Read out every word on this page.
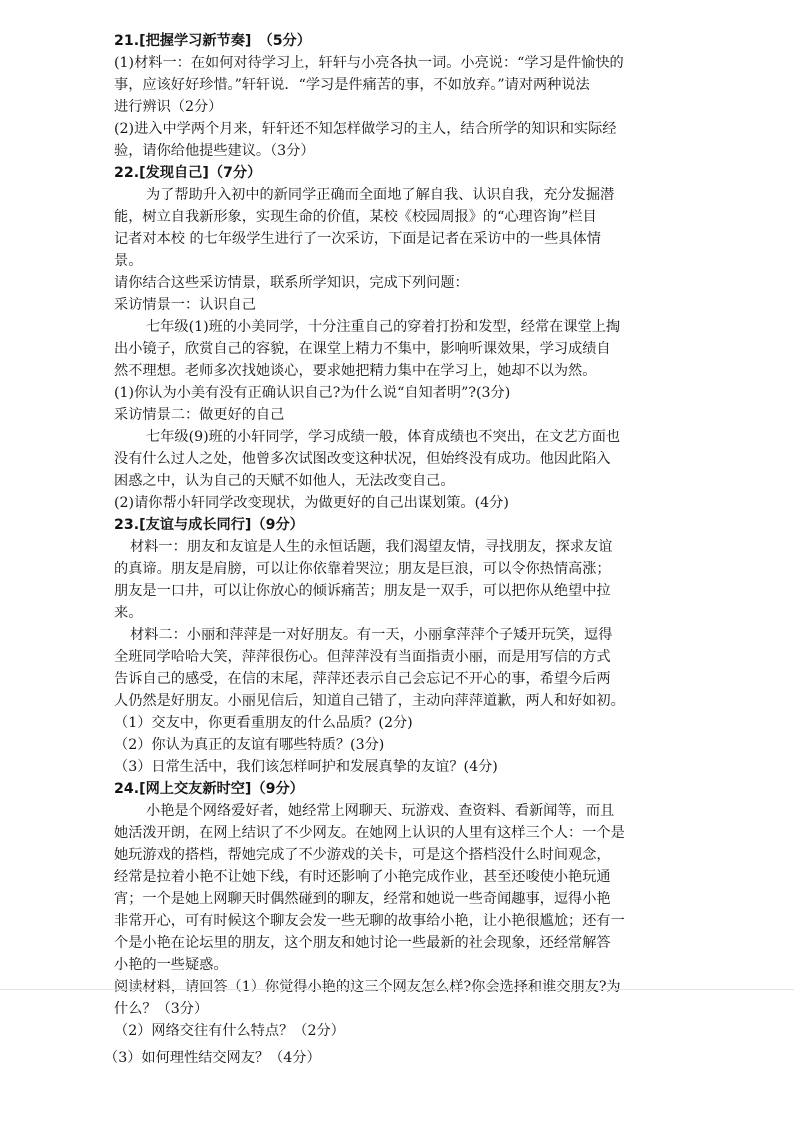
21.[把握学习新节奏]　（5分）
(1)材料一：在如何对待学习上，轩轩与小亮各执一词。小亮说：“学习是件愉快的
事，应该好好珍惜。”轩轩说．“学习是件痛苦的事，不如放弃。”请对两种说法
进行辨识（2分）
(2)进入中学两个月来，轩轩还不知怎样做学习的主人，结合所学的知识和实际经
验，请你给他提些建议。（3分）
22.[发现自己]（7分）
为了帮助升入初中的新同学正确而全面地了解自我、认识自我，充分发掘潜
能，树立自我新形象，实现生命的价值，某校《校园周报》的“心理咨询”栏目
记者对本校 的七年级学生进行了一次采访，下面是记者在采访中的一些具体情
景。
请你结合这些采访情景，联系所学知识，完成下列问题：
采访情景一：认识自己
七年级(1)班的小美同学，十分注重自己的穿着打扮和发型，经常在课堂上掏
出小镜子，欣赏自己的容貌，在课堂上精力不集中，影响听课效果，学习成绩自
然不理想。老师多次找她谈心，要求她把精力集中在学习上，她却不以为然。
(1)你认为小美有没有正确认识自己?为什么说“自知者明”?(3分)
采访情景二：做更好的自己
七年级(9)班的小轩同学，学习成绩一般，体育成绩也不突出，在文艺方面也
没有什么过人之处，他曾多次试图改变这种状况，但始终没有成功。他因此陷入
困惑之中，认为自己的天赋不如他人，无法改变自己。
(2)请你帮小轩同学改变现状，为做更好的自己出谋划策。(4分)
23.[友谊与成长同行]（9分）
材料一：朋友和友谊是人生的永恒话题，我们渴望友情，寻找朋友，探求友谊
的真谛。朋友是肩膀，可以让你依靠着哭泣；朋友是巨浪，可以令你热情高涨；
朋友是一口井，可以让你放心的倾诉痛苦；朋友是一双手，可以把你从绝望中拉
来。
材料二：小丽和萍萍是一对好朋友。有一天，小丽拿萍萍个子矮开玩笑，逗得
全班同学哈哈大笑，萍萍很伤心。但萍萍没有当面指责小丽，而是用写信的方式
告诉自己的感受，在信的末尾，萍萍还表示自己会忘记不开心的事，希望今后两
人仍然是好朋友。小丽见信后，知道自己错了，主动向萍萍道歉，两人和好如初。
（1）交友中，你更看重朋友的什么品质？(2分)
（2）你认为真正的友谊有哪些特质？(3分)
（3）日常生活中，我们该怎样呵护和发展真挚的友谊？(4分)
24.[网上交友新时空]（9分）
小艳是个网络爱好者，她经常上网聊天、玩游戏、查资料、看新闻等，而且
她活泼开朗，在网上结识了不少网友。在她网上认识的人里有这样三个人：一个是
她玩游戏的搭档，帮她完成了不少游戏的关卡，可是这个搭档没什么时间观念，
经常是拉着小艳不让她下线，有时还影响了小艳完成作业，甚至还唆使小艳玩通
宵；一个是她上网聊天时偶然碰到的聊友，经常和她说一些奇闻趣事，逗得小艳
非常开心，可有时候这个聊友会发一些无聊的故事给小艳，让小艳很尴尬；还有一
个是小艳在论坛里的朋友，这个朋友和她讨论一些最新的社会现象，还经常解答
小艳的一些疑惑。
阅读材料，请回答（1）你觉得小艳的这三个网友怎么样?你会选择和谁交朋友?为
什么？（3分）
（2）网络交往有什么特点？（2分）
（3）如何理性结交网友？（4分）
